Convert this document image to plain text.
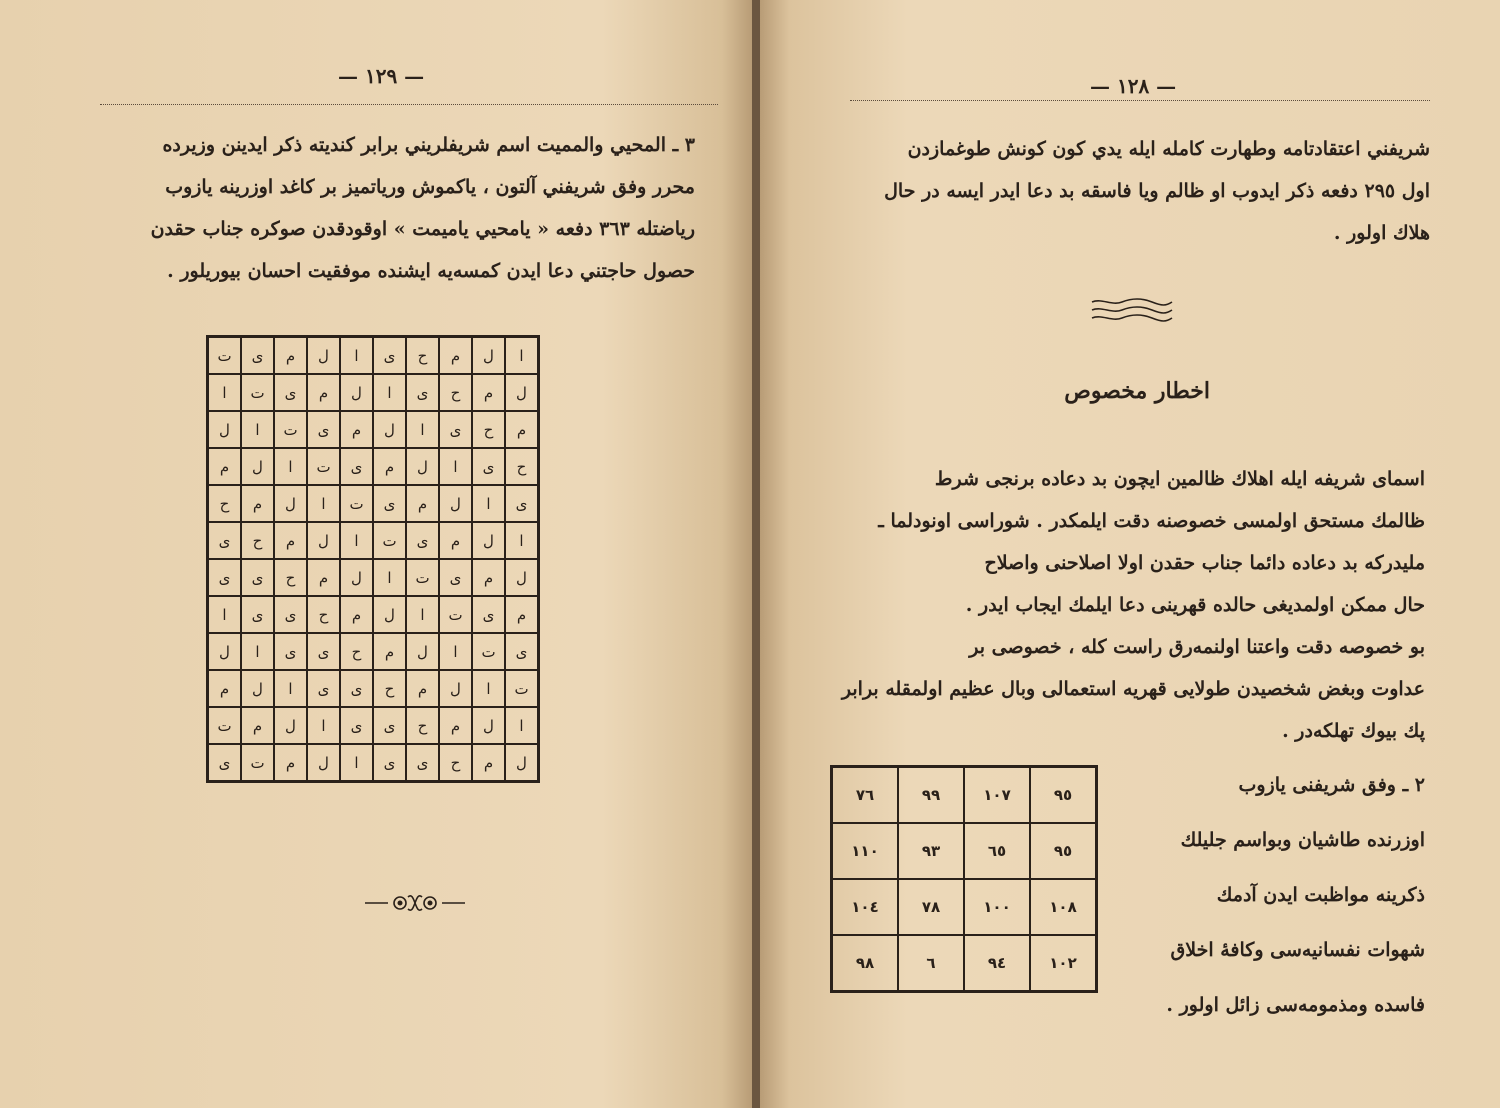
— ١٢٩ —
٣ ـ المحيي والمميت اسم شريفلريني برابر كنديته ذكر ايدينن وزيرده
محرر وفق شريفني آلتون ، ياكموش ورياتميز بر كاغد اوزرينه يازوب
رياضتله ٣٦٣ دفعه « يامحيي ياميمت » اوقودقدن صوكره جناب حقدن
حصول حاجتني دعا ايدن كمسه‌يه ايشنده موفقيت احسان بيوريلور .
ت	ى	م	ل	ا	ى	ح	م	ل	ا
ا	ت	ى	م	ل	ا	ى	ح	م	ل
ل	ا	ت	ى	م	ل	ا	ى	ح	م
م	ل	ا	ت	ى	م	ل	ا	ى	ح
ح	م	ل	ا	ت	ى	م	ل	ا	ى
ى	ح	م	ل	ا	ت	ى	م	ل	ا
ى	ى	ح	م	ل	ا	ت	ى	م	ل
ا	ى	ى	ح	م	ل	ا	ت	ى	م
ل	ا	ى	ى	ح	م	ل	ا	ت	ى
م	ل	ا	ى	ى	ح	م	ل	ا	ت
ت	م	ل	ا	ى	ى	ح	م	ل	ا
ى	ت	م	ل	ا	ى	ى	ح	م	ل
— ١٢٨ —
شريفني اعتقادتامه وطهارت كامله ايله يدي كون كونش طوغمازدن
اول ٢٩٥ دفعه ذكر ايدوب او ظالم ويا فاسقه بد دعا ايدر ايسه در حال
هلاك اولور .
اخطار مخصوص
اسماى شريفه ايله اهلاك ظالمين ايچون بد دعاده برنجى شرط
ظالمك مستحق اولمسى خصوصنه دقت ايلمكدر . شوراسى اونودلما ـ
مليدركه بد دعاده دائما جناب حقدن اولا اصلاحنى واصلاح
حال ممكن اولمديغى حالده قهرينى دعا ايلمك ايجاب ايدر .
بو خصوصه دقت واعتنا اولنمه‌رق راست كله ، خصوصى بر
عداوت وبغض شخصيدن طولايى قهريه استعمالى وبال عظيم اولمقله برابر
پك بيوك تهلكه‌در .
٧٦	٩٩	١٠٧	٩٥
١١٠	٩٣	٦٥	٩٥
١٠٤	٧٨	١٠٠	١٠٨
٩٨	٦	٩٤	١٠٢
٢ ـ وفق شريفنى يازوب
اوزرنده طاشيان وبواسم جليلك
ذكرينه مواظبت ايدن آدمك
شهوات نفسانيه‌سى وكافه‌ٔ اخلاق
فاسده ومذمومه‌سى زائل اولور .
